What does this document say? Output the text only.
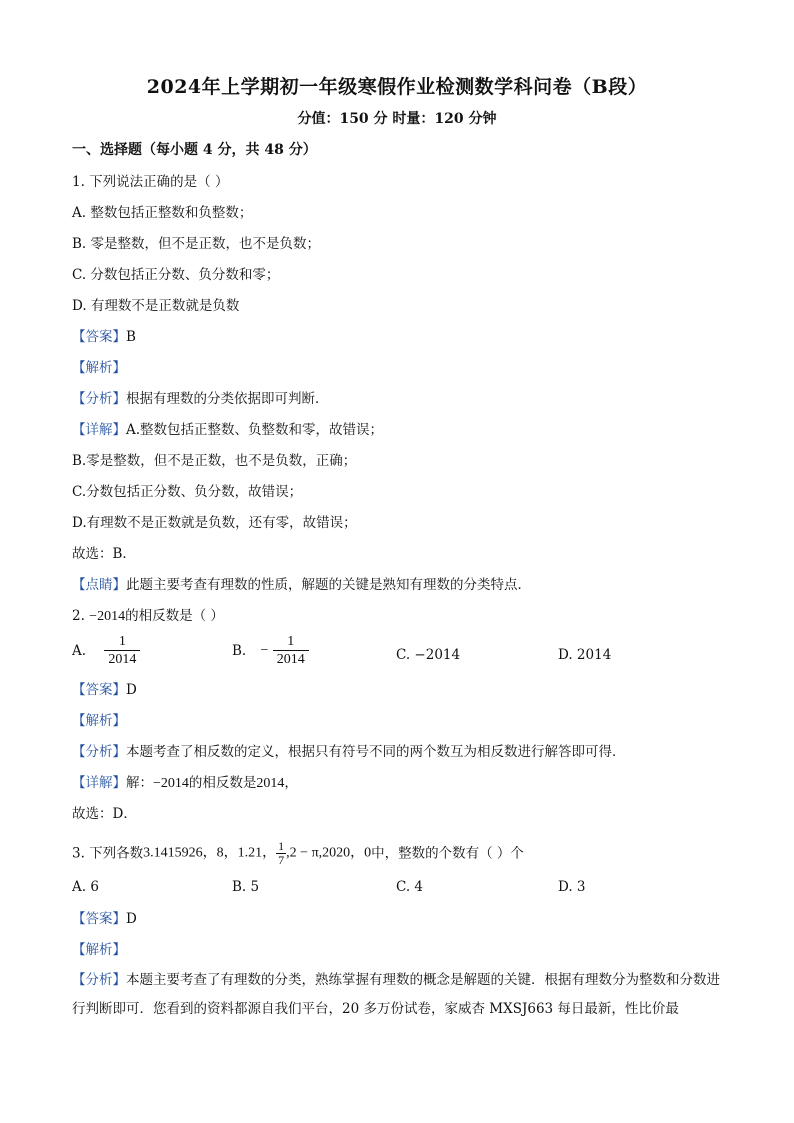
2024年上学期初一年级寒假作业检测数学科问卷（B段）
分值：150 分 时量：120 分钟
一、选择题（每小题 4 分，共 48 分）
1. 下列说法正确的是（ ）
A. 整数包括正整数和负整数；
B. 零是整数，但不是正数，也不是负数；
C. 分数包括正分数、负分数和零；
D. 有理数不是正数就是负数
【答案】B
【解析】
【分析】根据有理数的分类依据即可判断．
【详解】A.整数包括正整数、负整数和零，故错误；
B.零是整数，但不是正数，也不是负数，正确；
C.分数包括正分数、负分数，故错误；
D.有理数不是正数就是负数，还有零，故错误；
故选：B．
【点睛】此题主要考查有理数的性质，解题的关键是熟知有理数的分类特点．
2. −2014的相反数是（ ）
A. $\frac{1}{2014}$	B. − $\frac{1}{2014}$	C. −2014	D. 2014
【答案】D
【解析】
【分析】本题考查了相反数的定义，根据只有符号不同的两个数互为相反数进行解答即可得．
【详解】解：−2014的相反数是2014，
故选：D．
3. 下列各数3.1415926，8，1.21， $\frac{1}{7} ,2 - \pi,2020$，0中，整数的个数有（ ）个
A. 6	B. 5	C. 4	D. 3
【答案】D
【解析】
【分析】本题主要考查了有理数的分类，熟练掌握有理数的概念是解题的关键．根据有理数分为整数和分数进行判断即可．您看到的资料都源自我们平台，20 多万份试卷，家威杏 MXSJ663 每日最新，性比价最
